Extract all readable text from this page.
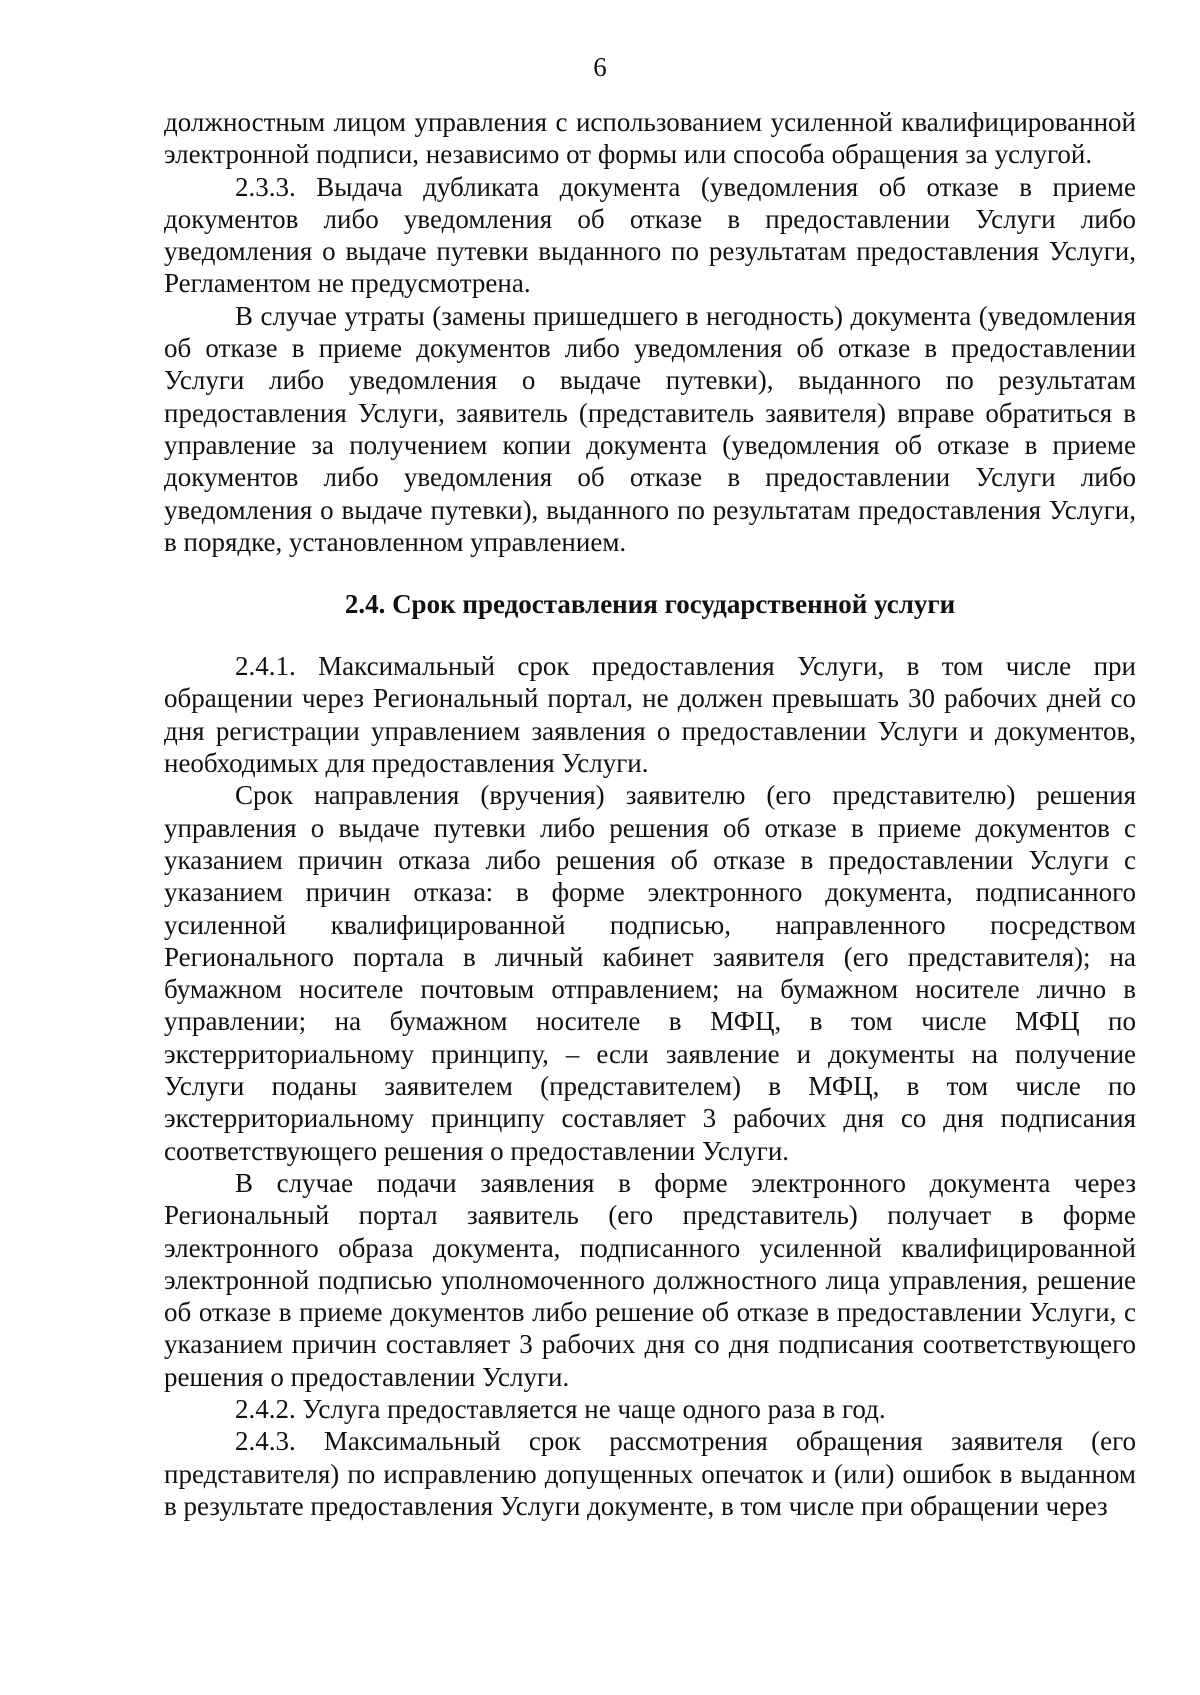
6

должностным лицом управления с использованием усиленной квалифицированной электронной подписи, независимо от формы или способа обращения за услугой.

2.3.3. Выдача дубликата документа (уведомления об отказе в приеме документов либо уведомления об отказе в предоставлении Услуги либо уведомления о выдаче путевки выданного по результатам предоставления Услуги, Регламентом не предусмотрена.

В случае утраты (замены пришедшего в негодность) документа (уведомления об отказе в приеме документов либо уведомления об отказе в предоставлении Услуги либо уведомления о выдаче путевки), выданного по результатам предоставления Услуги, заявитель (представитель заявителя) вправе обратиться в управление за получением копии документа (уведомления об отказе в приеме документов либо уведомления об отказе в предоставлении Услуги либо уведомления о выдаче путевки), выданного по результатам предоставления Услуги, в порядке, установленном управлением.

2.4. Срок предоставления государственной услуги

2.4.1. Максимальный срок предоставления Услуги, в том числе при обращении через Региональный портал, не должен превышать 30 рабочих дней со дня регистрации управлением заявления о предоставлении Услуги и документов, необходимых для предоставления Услуги.

Срок направления (вручения) заявителю (его представителю) решения управления о выдаче путевки либо решения об отказе в приеме документов с указанием причин отказа либо решения об отказе в предоставлении Услуги с указанием причин отказа: в форме электронного документа, подписанного усиленной квалифицированной подписью, направленного посредством Регионального портала в личный кабинет заявителя (его представителя); на бумажном носителе почтовым отправлением; на бумажном носителе лично в управлении; на бумажном носителе в МФЦ, в том числе МФЦ по экстерриториальному принципу, – если заявление и документы на получение Услуги поданы заявителем (представителем) в МФЦ, в том числе по экстерриториальному принципу составляет 3 рабочих дня со дня подписания соответствующего решения о предоставлении Услуги.

В случае подачи заявления в форме электронного документа через Региональный портал заявитель (его представитель) получает в форме электронного образа документа, подписанного усиленной квалифицированной электронной подписью уполномоченного должностного лица управления, решение об отказе в приеме документов либо решение об отказе в предоставлении Услуги, с указанием причин составляет 3 рабочих дня со дня подписания соответствующего решения о предоставлении Услуги.

2.4.2. Услуга предоставляется не чаще одного раза в год.

2.4.3. Максимальный срок рассмотрения обращения заявителя (его представителя) по исправлению допущенных опечаток и (или) ошибок в выданном в результате предоставления Услуги документе, в том числе при обращении через
